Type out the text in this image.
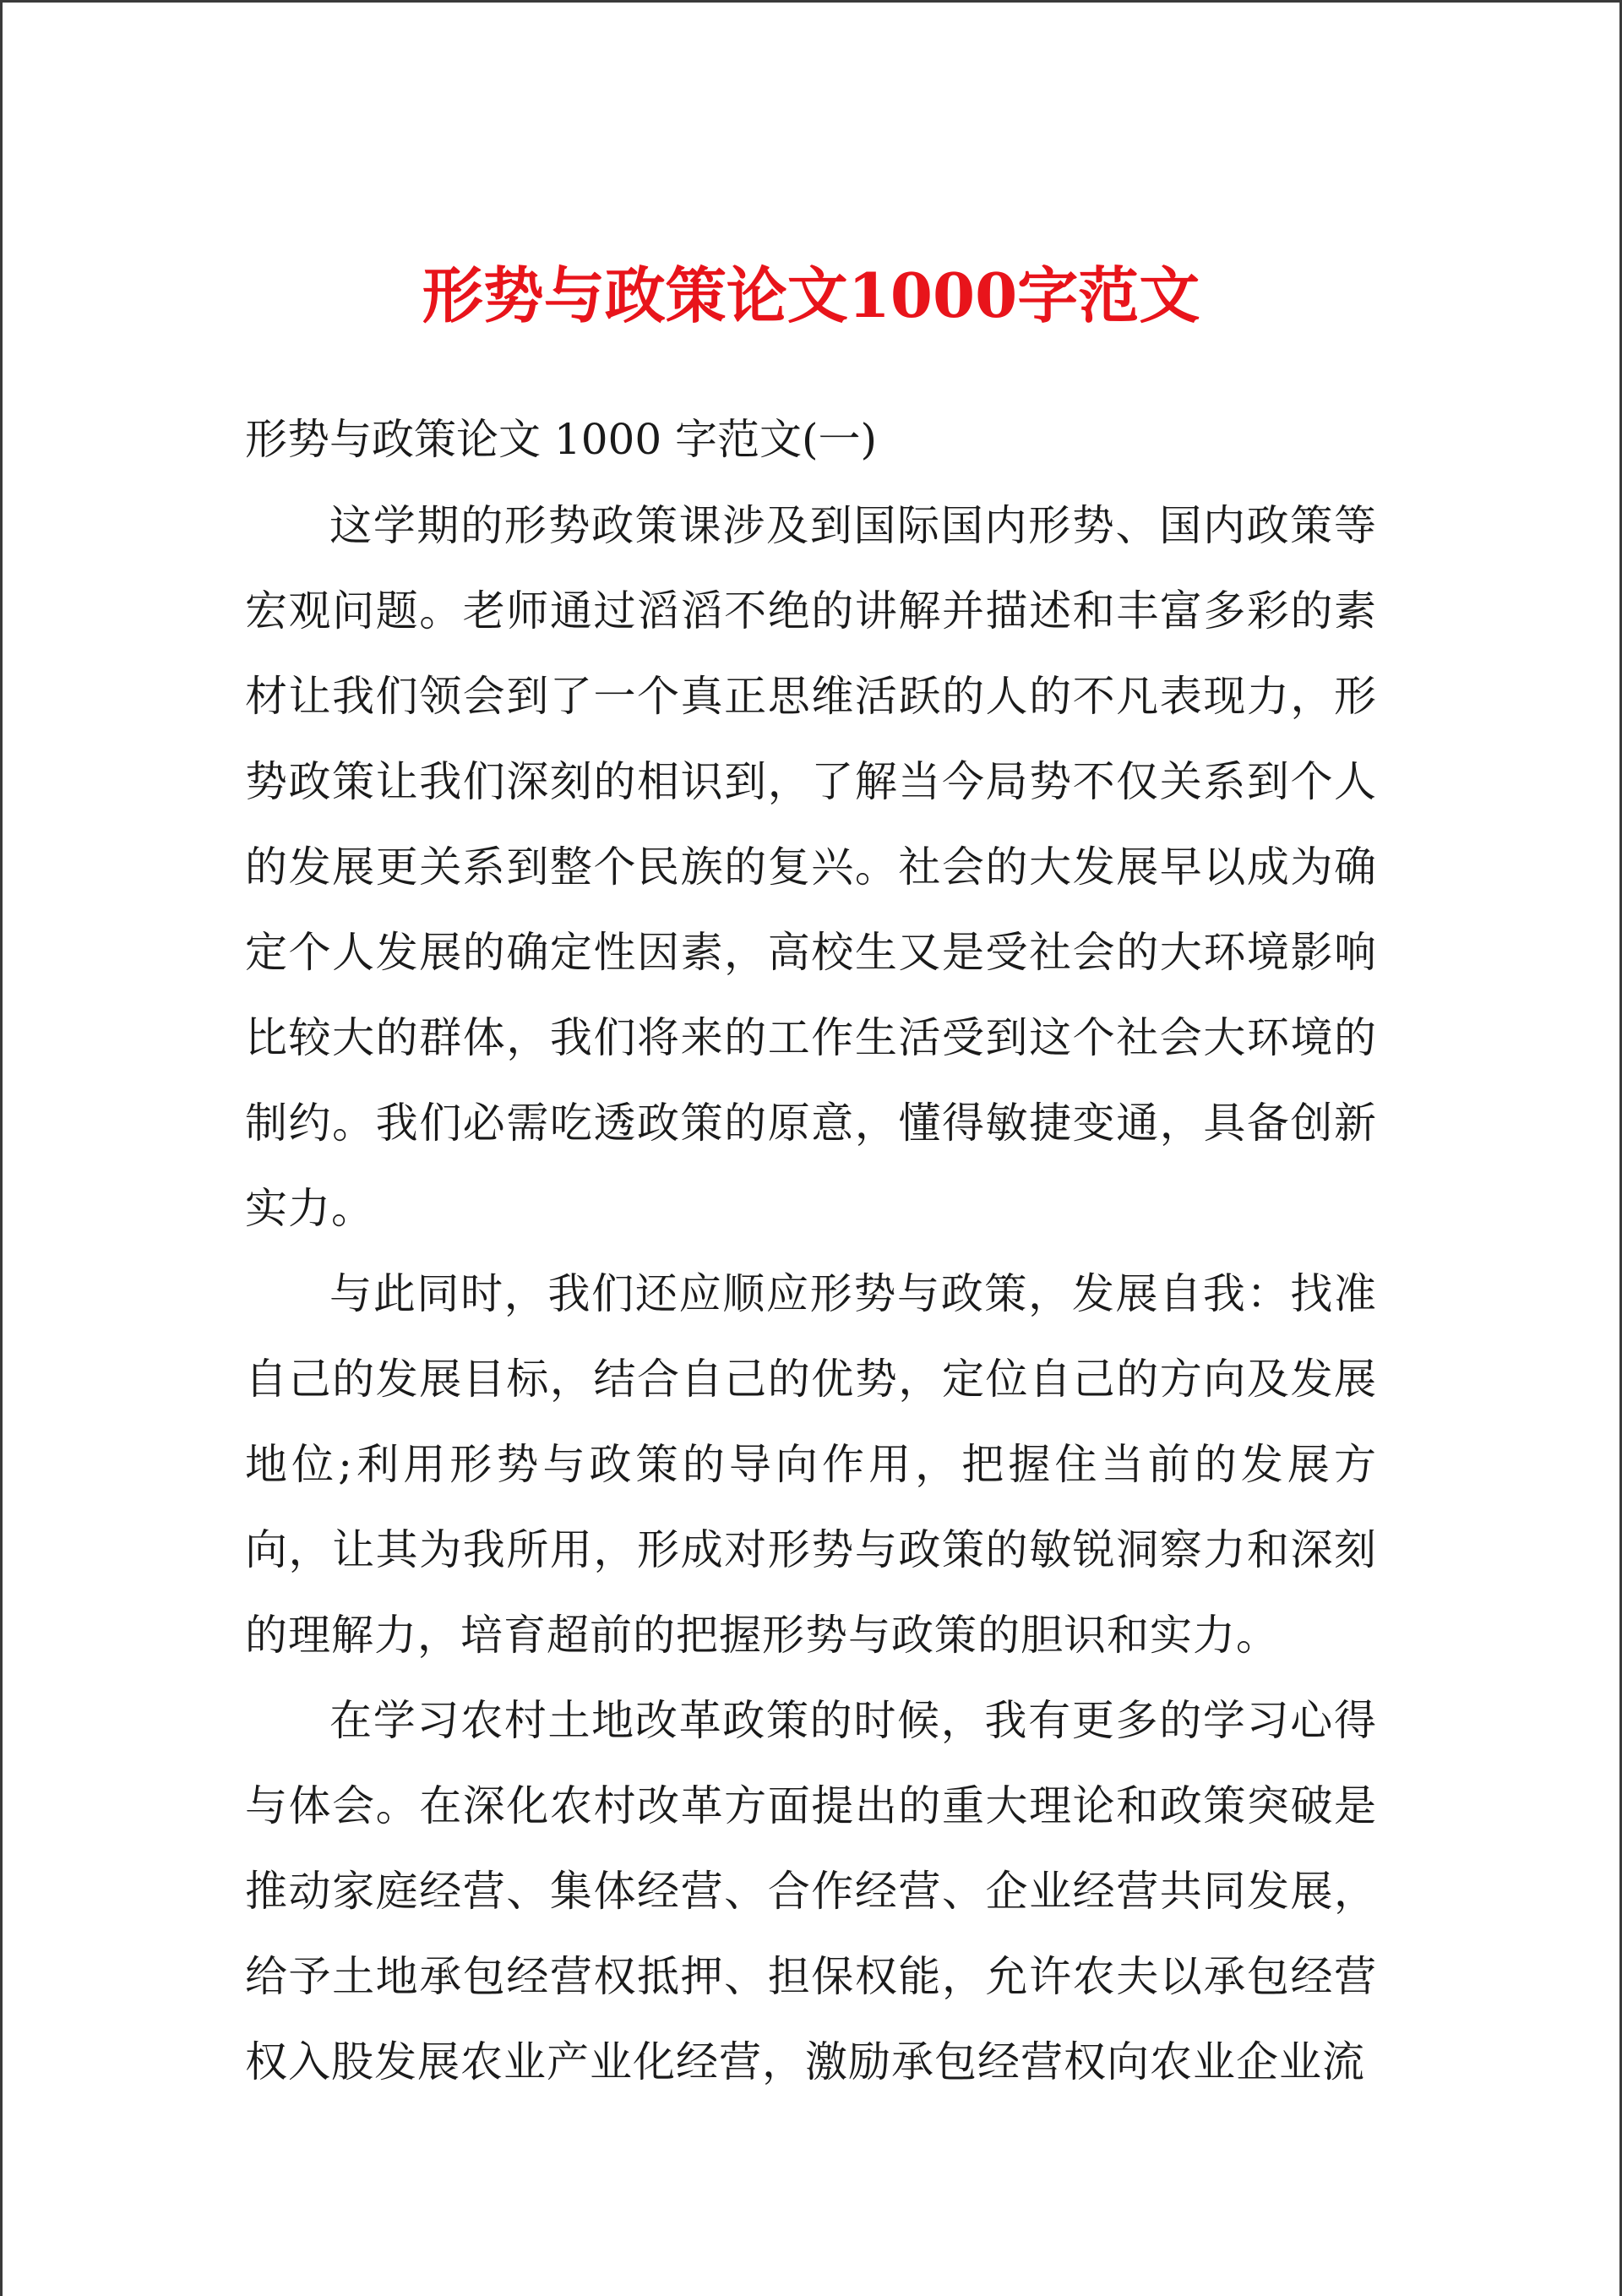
形势与政策论文1000字范文

形势与政策论文 1000 字范文(一)

这学期的形势政策课涉及到国际国内形势、国内政策等宏观问题。老师通过滔滔不绝的讲解并描述和丰富多彩的素材让我们领会到了一个真正思维活跃的人的不凡表现力，形势政策让我们深刻的相识到，了解当今局势不仅关系到个人的发展更关系到整个民族的复兴。社会的大发展早以成为确定个人发展的确定性因素，高校生又是受社会的大环境影响比较大的群体，我们将来的工作生活受到这个社会大环境的制约。我们必需吃透政策的原意，懂得敏捷变通，具备创新实力。

与此同时，我们还应顺应形势与政策，发展自我：找准自己的发展目标，结合自己的优势，定位自己的方向及发展地位;利用形势与政策的导向作用，把握住当前的发展方向，让其为我所用，形成对形势与政策的敏锐洞察力和深刻的理解力，培育超前的把握形势与政策的胆识和实力。

在学习农村土地改革政策的时候，我有更多的学习心得与体会。在深化农村改革方面提出的重大理论和政策突破是推动家庭经营、集体经营、合作经营、企业经营共同发展，给予土地承包经营权抵押、担保权能，允许农夫以承包经营权入股发展农业产业化经营，激励承包经营权向农业企业流
